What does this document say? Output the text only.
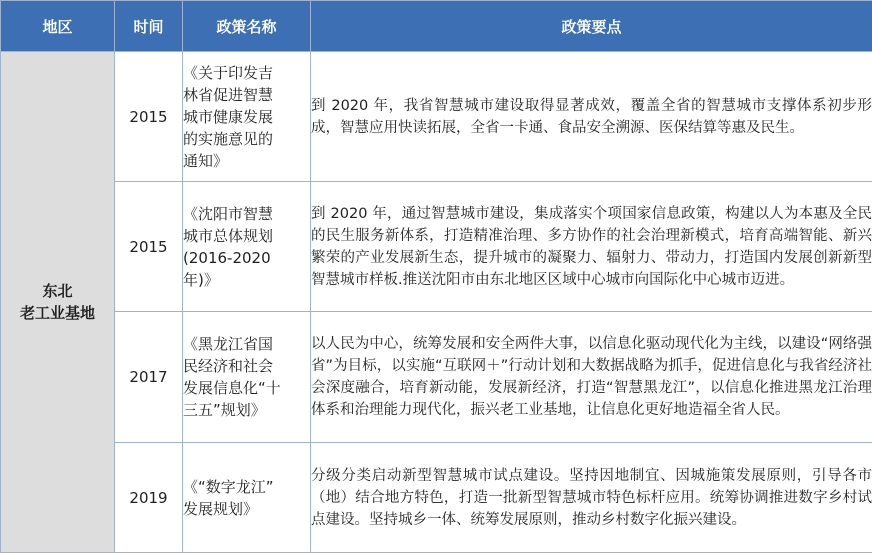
地区	时间	政策名称	政策要点

东北
老工业基地	2015	《关于印发吉
林省促进智慧
城市健康发展
的实施意见的
通知》	到 2020 年，我省智慧城市建设取得显著成效，覆盖全省的智慧城市支撑体系初步形成，智慧应用快读拓展，全省一卡通、食品安全溯源、医保结算等惠及民生。
	2015	《沈阳市智慧
城市总体规划
(2016-2020
年)》	到 2020 年，通过智慧城市建设，集成落实个项国家信息政策，构建以人为本惠及全民的民生服务新体系，打造精准治理、多方协作的社会治理新模式，培育高端智能、新兴繁荣的产业发展新生态，提升城市的凝聚力、辐射力、带动力，打造国内发展创新新型智慧城市样板.推送沈阳市由东北地区区域中心城市向国际化中心城市迈进。
	2017	《黑龙江省国
民经济和社会
发展信息化“十
三五”规划》	以人民为中心，统筹发展和安全两件大事，以信息化驱动现代化为主线，以建设“网络强省”为目标，以实施“互联网＋”行动计划和大数据战略为抓手，促进信息化与我省经济社会深度融合，培育新动能，发展新经济，打造“智慧黑龙江”，以信息化推进黑龙江治理体系和治理能力现代化，振兴老工业基地，让信息化更好地造福全省人民。
	2019	《“数字龙江”
发展规划》	分级分类启动新型智慧城市试点建设。坚持因地制宜、因城施策发展原则，引导各市（地）结合地方特色，打造一批新型智慧城市特色标杆应用。统筹协调推进数字乡村试点建设。坚持城乡一体、统筹发展原则，推动乡村数字化振兴建设。
